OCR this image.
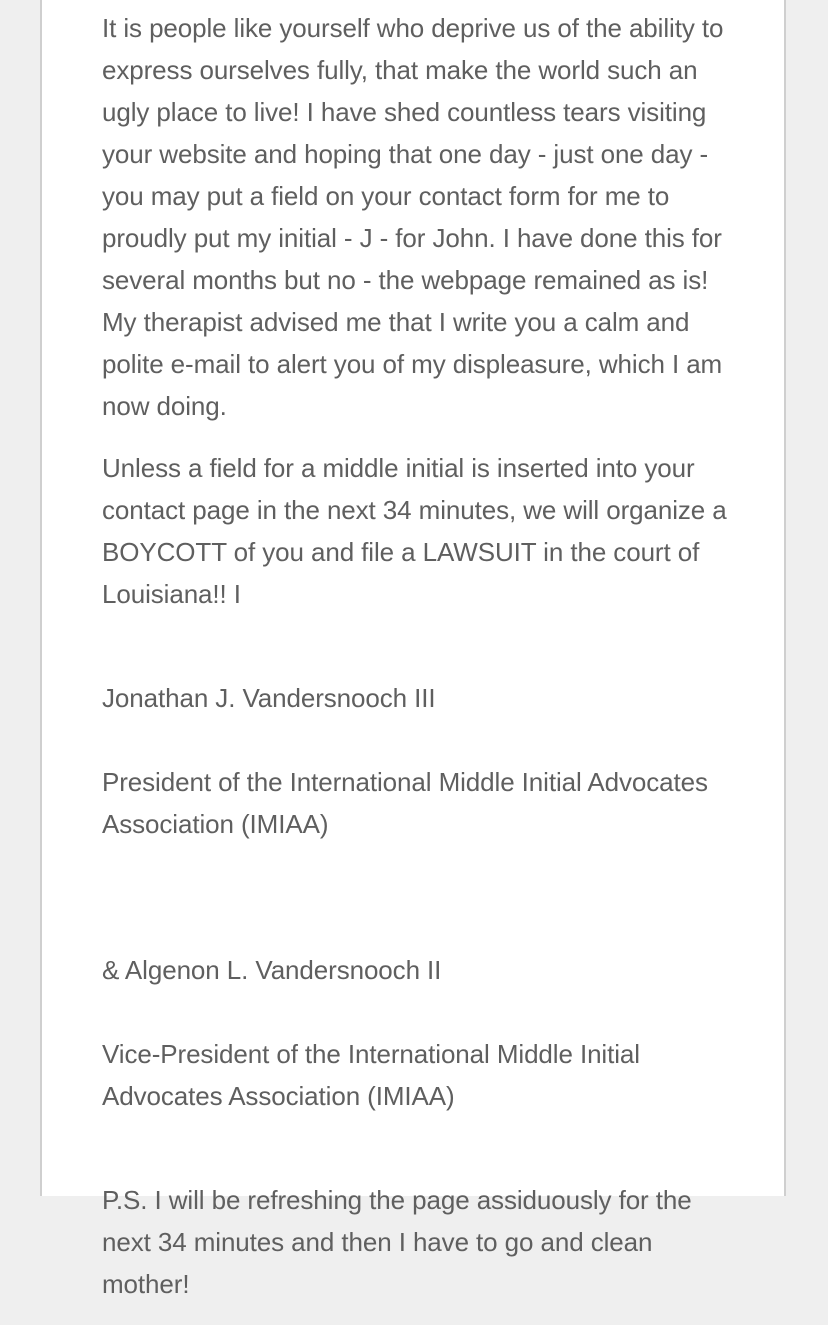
It is people like yourself who deprive us of the ability to express ourselves fully, that make the world such an ugly place to live! I have shed countless tears visiting your website and hoping that one day - just one day - you may put a field on your contact form for me to proudly put my initial - J - for John. I have done this for several months but no - the webpage remained as is! My therapist advised me that I write you a calm and polite e-mail to alert you of my displeasure, which I am now doing.

Unless a field for a middle initial is inserted into your contact page in the next 34 minutes, we will organize a BOYCOTT of you and file a LAWSUIT in the court of Louisiana!! I

Jonathan J. Vandersnooch III

President of the International Middle Initial Advocates Association (IMIAA)

& Algenon L. Vandersnooch II

Vice-President of the International Middle Initial Advocates Association (IMIAA)

P.S. I will be refreshing the page assiduously for the next 34 minutes and then I have to go and clean mother!
